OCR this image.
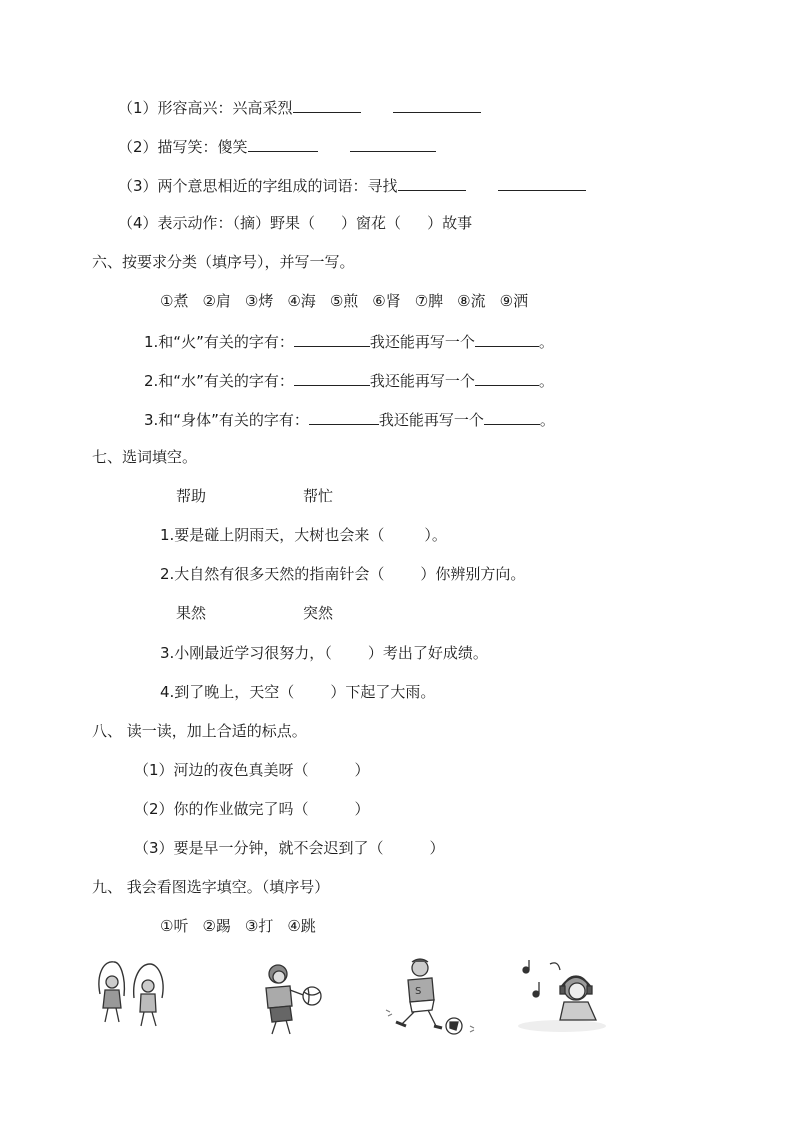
（1）形容高兴：兴高采烈
（2）描写笑：傻笑
（3）两个意思相近的字组成的词语：寻找
（4）表示动作：（摘）野果（ ）窗花（ ）故事
六、按要求分类（填序号），并写一写。
①煮 ②肩 ③烤 ④海 ⑤煎 ⑥肾 ⑦脾 ⑧流 ⑨洒
1.和“火”有关的字有：	我还能再写一个	。
2.和“水”有关的字有：	我还能再写一个	。
3.和“身体”有关的字有：	我还能再写一个	。
七、选词填空。
帮助	帮忙
1.要是碰上阴雨天，大树也会来（	）。
2.大自然有很多天然的指南针会（ ）你辨别方向。
果然	突然
3.小刚最近学习很努力，（ ）考出了好成绩。
4.到了晚上，天空（ ）下起了大雨。
八、 读一读，加上合适的标点。
（1）河边的夜色真美呀（	）
（2）你的作业做完了吗（	）
（3）要是早一分钟，就不会迟到了（	）
九、 我会看图选字填空。（填序号）
①听 ②踢 ③打 ④跳
S
